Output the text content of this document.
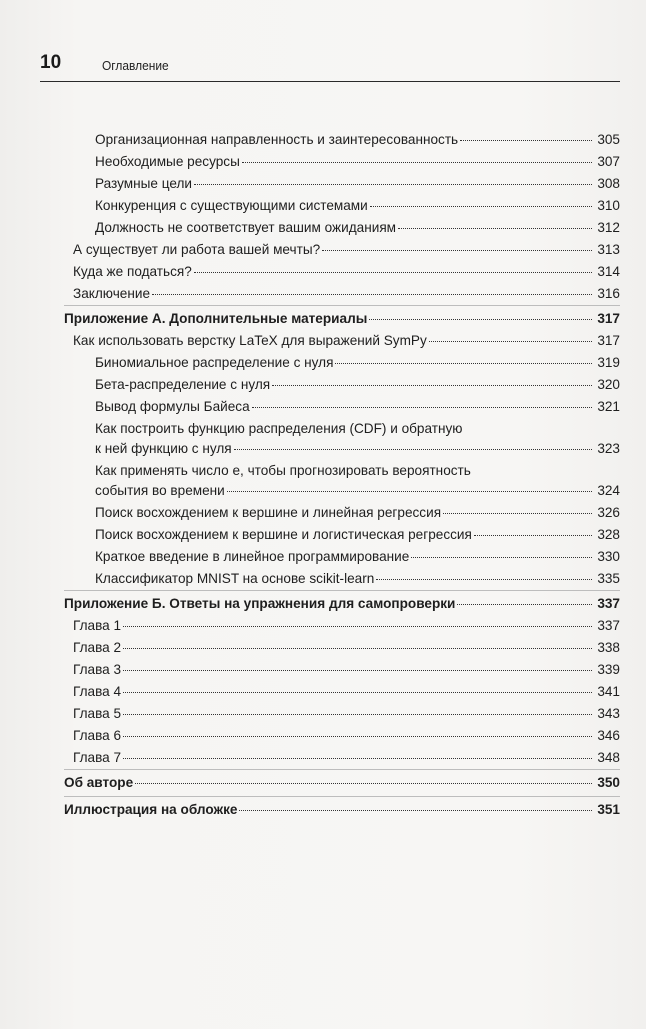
10	Оглавление
Организационная направленность и заинтересованность	305
Необходимые ресурсы	307
Разумные цели	308
Конкуренция с существующими системами	310
Должность не соответствует вашим ожиданиям	312
А существует ли работа вашей мечты?	313
Куда же податься?	314
Заключение	316
Приложение А. Дополнительные материалы	317
Как использовать верстку LaTeX для выражений SymPy	317
Биномиальное распределение с нуля	319
Бета-распределение с нуля	320
Вывод формулы Байеса	321
Как построить функцию распределения (CDF) и обратную
к ней функцию с нуля	323
Как применять число e, чтобы прогнозировать вероятность
события во времени	324
Поиск восхождением к вершине и линейная регрессия	326
Поиск восхождением к вершине и логистическая регрессия	328
Краткое введение в линейное программирование	330
Классификатор MNIST на основе scikit-learn	335
Приложение Б. Ответы на упражнения для самопроверки	337
Глава 1	337
Глава 2	338
Глава 3	339
Глава 4	341
Глава 5	343
Глава 6	346
Глава 7	348
Об авторе	350
Иллюстрация на обложке	351
